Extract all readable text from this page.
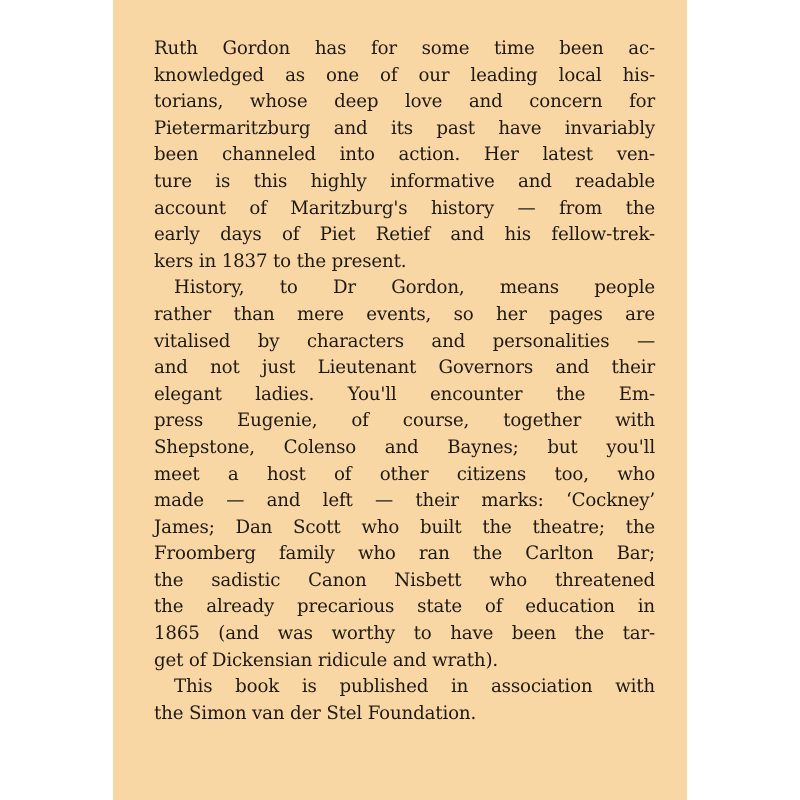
Ruth Gordon has for some time been ac-
knowledged as one of our leading local his-
torians, whose deep love and concern for
Pietermaritzburg and its past have invariably
been channeled into action. Her latest ven-
ture is this highly informative and readable
account of Maritzburg's history — from the
early days of Piet Retief and his fellow-trek-
kers in 1837 to the present.

History, to Dr Gordon, means people
rather than mere events, so her pages are
vitalised by characters and personalities —
and not just Lieutenant Governors and their
elegant ladies. You'll encounter the Em-
press Eugenie, of course, together with
Shepstone, Colenso and Baynes; but you'll
meet a host of other citizens too, who
made — and left — their marks: ‘Cockney’
James; Dan Scott who built the theatre; the
Froomberg family who ran the Carlton Bar;
the sadistic Canon Nisbett who threatened
the already precarious state of education in
1865 (and was worthy to have been the tar-
get of Dickensian ridicule and wrath).

This book is published in association with
the Simon van der Stel Foundation.
